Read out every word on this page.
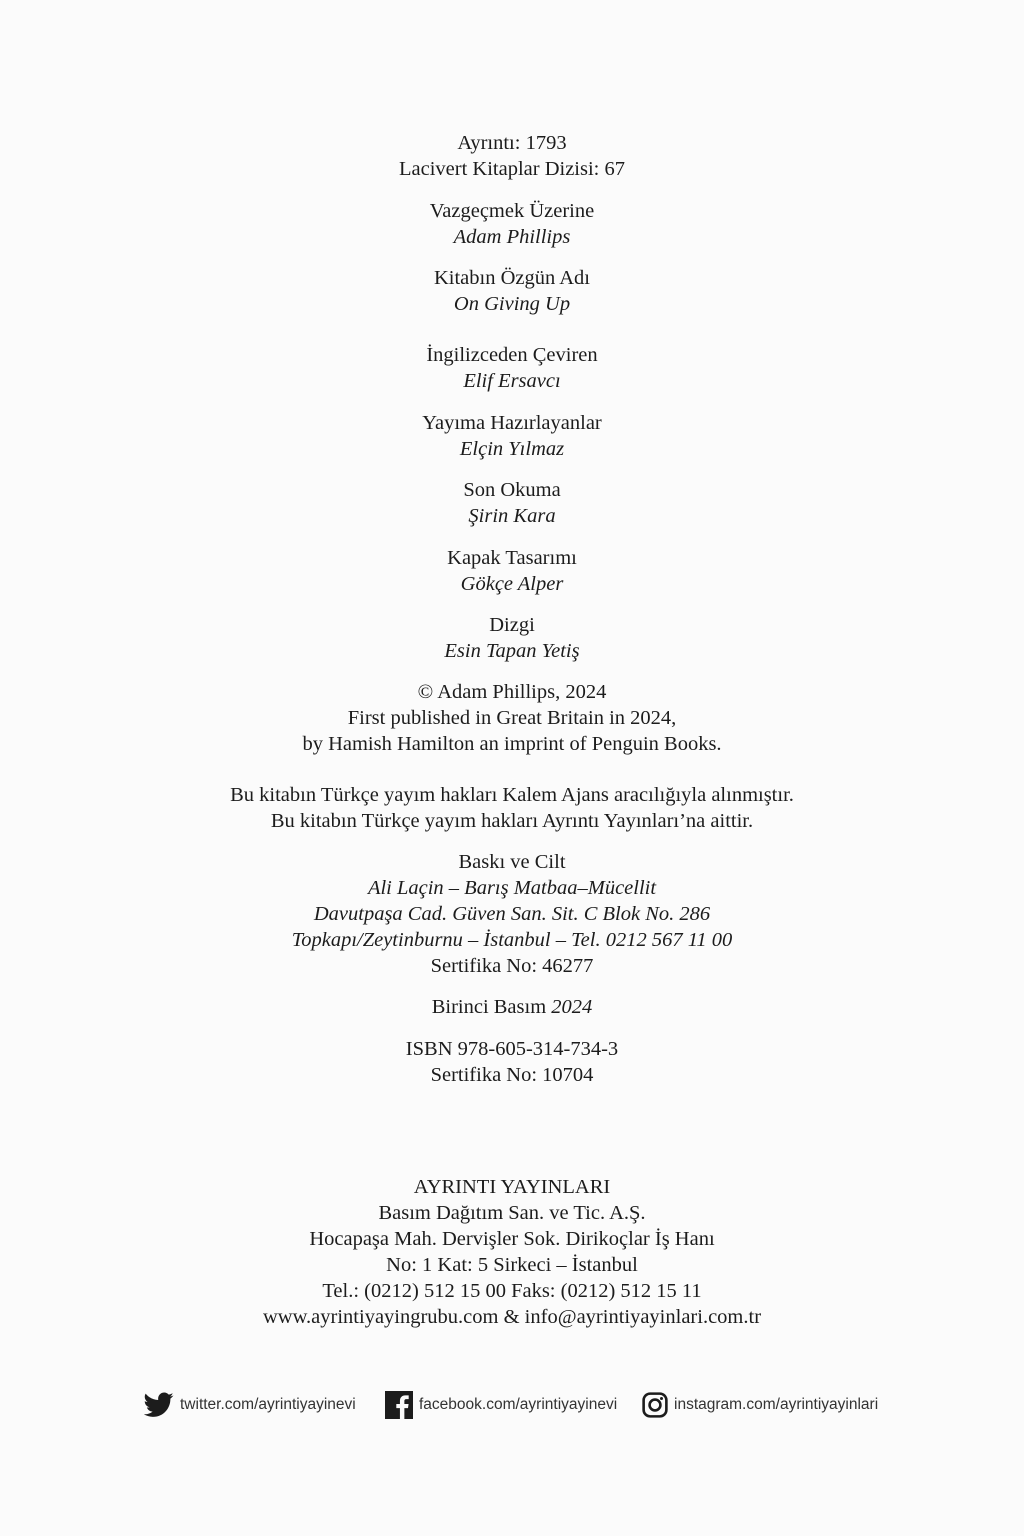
Ayrıntı: 1793
Lacivert Kitaplar Dizisi: 67
Vazgeçmek Üzerine
Adam Phillips
Kitabın Özgün Adı
On Giving Up
İngilizceden Çeviren
Elif Ersavcı
Yayıma Hazırlayanlar
Elçin Yılmaz
Son Okuma
Şirin Kara
Kapak Tasarımı
Gökçe Alper
Dizgi
Esin Tapan Yetiş
© Adam Phillips, 2024
First published in Great Britain in 2024,
by Hamish Hamilton an imprint of Penguin Books.
Bu kitabın Türkçe yayım hakları Kalem Ajans aracılığıyla alınmıştır.
Bu kitabın Türkçe yayım hakları Ayrıntı Yayınları’na aittir.
Baskı ve Cilt
Ali Laçin – Barış Matbaa–Mücellit
Davutpaşa Cad. Güven San. Sit. C Blok No. 286
Topkapı/Zeytinburnu – İstanbul – Tel. 0212 567 11 00
Sertifika No: 46277
Birinci Basım 2024
ISBN 978-605-314-734-3
Sertifika No: 10704
AYRINTI YAYINLARI
Basım Dağıtım San. ve Tic. A.Ş.
Hocapaşa Mah. Dervişler Sok. Dirikoçlar İş Hanı
No: 1 Kat: 5 Sirkeci – İstanbul
Tel.: (0212) 512 15 00 Faks: (0212) 512 15 11
www.ayrintiyayingrubu.com & info@ayrintiyayinlari.com.tr
twitter.com/ayrintiyayinevi	facebook.com/ayrintiyayinevi	instagram.com/ayrintiyayinlari
